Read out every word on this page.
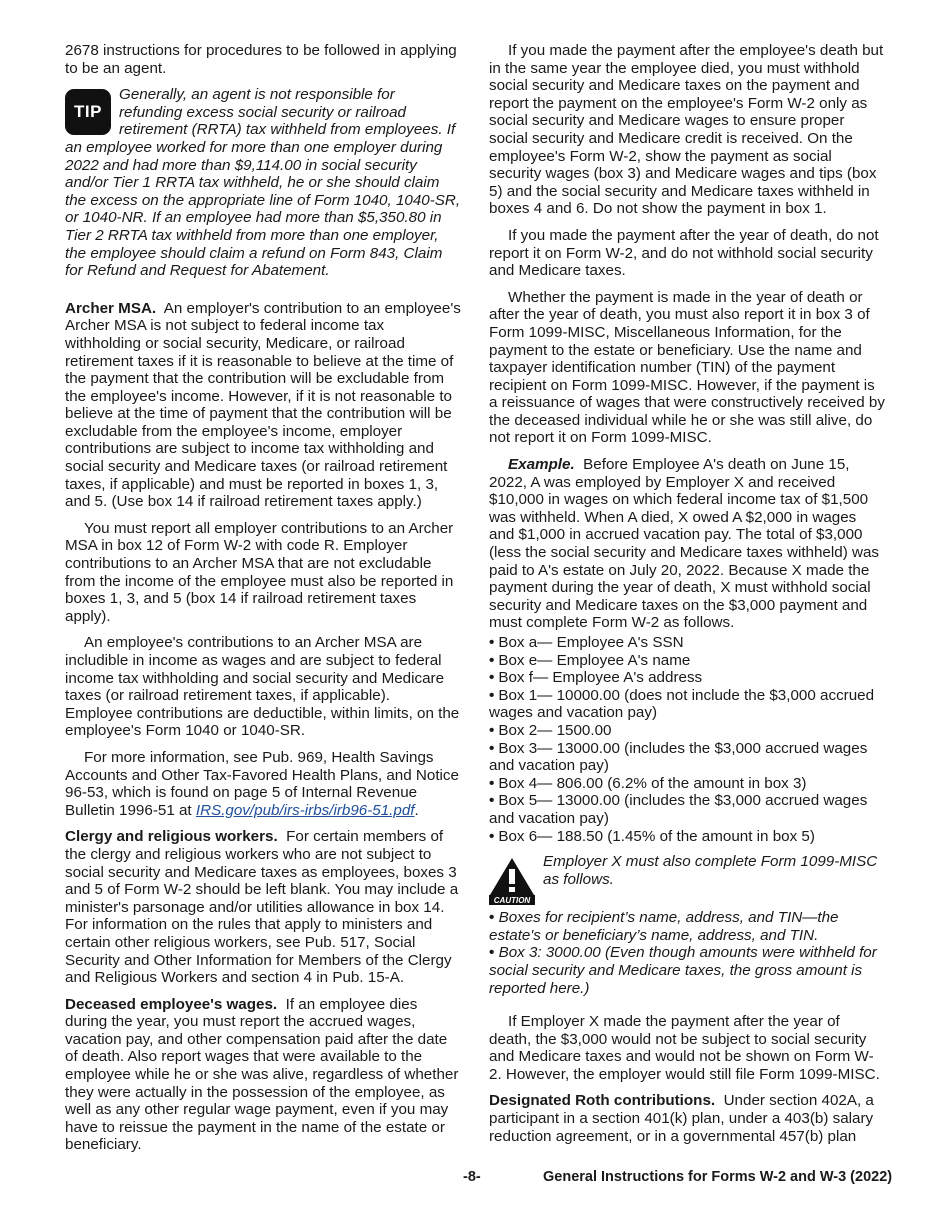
2678 instructions for procedures to be followed in applying to be an agent.

TIP
Generally, an agent is not responsible for refunding excess social security or railroad retirement (RRTA) tax withheld from employees. If an employee worked for more than one employer during 2022 and had more than $9,114.00 in social security and/or Tier 1 RRTA tax withheld, he or she should claim the excess on the appropriate line of Form 1040, 1040-SR, or 1040-NR. If an employee had more than $5,350.80 in Tier 2 RRTA tax withheld from more than one employer, the employee should claim a refund on Form 843, Claim for Refund and Request for Abatement.

Archer MSA. An employer's contribution to an employee's Archer MSA is not subject to federal income tax withholding or social security, Medicare, or railroad retirement taxes if it is reasonable to believe at the time of the payment that the contribution will be excludable from the employee's income. However, if it is not reasonable to believe at the time of payment that the contribution will be excludable from the employee's income, employer contributions are subject to income tax withholding and social security and Medicare taxes (or railroad retirement taxes, if applicable) and must be reported in boxes 1, 3, and 5. (Use box 14 if railroad retirement taxes apply.)

You must report all employer contributions to an Archer MSA in box 12 of Form W-2 with code R. Employer contributions to an Archer MSA that are not excludable from the income of the employee must also be reported in boxes 1, 3, and 5 (box 14 if railroad retirement taxes apply).

An employee's contributions to an Archer MSA are includible in income as wages and are subject to federal income tax withholding and social security and Medicare taxes (or railroad retirement taxes, if applicable). Employee contributions are deductible, within limits, on the employee's Form 1040 or 1040-SR.

For more information, see Pub. 969, Health Savings Accounts and Other Tax-Favored Health Plans, and Notice 96-53, which is found on page 5 of Internal Revenue Bulletin 1996-51 at IRS.gov/pub/irs-irbs/irb96-51.pdf.

Clergy and religious workers. For certain members of the clergy and religious workers who are not subject to social security and Medicare taxes as employees, boxes 3 and 5 of Form W-2 should be left blank. You may include a minister's parsonage and/or utilities allowance in box 14. For information on the rules that apply to ministers and certain other religious workers, see Pub. 517, Social Security and Other Information for Members of the Clergy and Religious Workers and section 4 in Pub. 15-A.

Deceased employee's wages. If an employee dies during the year, you must report the accrued wages, vacation pay, and other compensation paid after the date of death. Also report wages that were available to the employee while he or she was alive, regardless of whether they were actually in the possession of the employee, as well as any other regular wage payment, even if you may have to reissue the payment in the name of the estate or beneficiary.

If you made the payment after the employee's death but in the same year the employee died, you must withhold social security and Medicare taxes on the payment and report the payment on the employee's Form W-2 only as social security and Medicare wages to ensure proper social security and Medicare credit is received. On the employee's Form W-2, show the payment as social security wages (box 3) and Medicare wages and tips (box 5) and the social security and Medicare taxes withheld in boxes 4 and 6. Do not show the payment in box 1.

If you made the payment after the year of death, do not report it on Form W-2, and do not withhold social security and Medicare taxes.

Whether the payment is made in the year of death or after the year of death, you must also report it in box 3 of Form 1099-MISC, Miscellaneous Information, for the payment to the estate or beneficiary. Use the name and taxpayer identification number (TIN) of the payment recipient on Form 1099-MISC. However, if the payment is a reissuance of wages that were constructively received by the deceased individual while he or she was still alive, do not report it on Form 1099-MISC.

Example. Before Employee A's death on June 15, 2022, A was employed by Employer X and received $10,000 in wages on which federal income tax of $1,500 was withheld. When A died, X owed A $2,000 in wages and $1,000 in accrued vacation pay. The total of $3,000 (less the social security and Medicare taxes withheld) was paid to A's estate on July 20, 2022. Because X made the payment during the year of death, X must withhold social security and Medicare taxes on the $3,000 payment and must complete Form W-2 as follows.

• Box a— Employee A's SSN

• Box e— Employee A's name

• Box f— Employee A's address

• Box 1— 10000.00 (does not include the $3,000 accrued wages and vacation pay)

• Box 2— 1500.00

• Box 3— 13000.00 (includes the $3,000 accrued wages and vacation pay)

• Box 4— 806.00 (6.2% of the amount in box 3)

• Box 5— 13000.00 (includes the $3,000 accrued wages and vacation pay)

• Box 6— 188.50 (1.45% of the amount in box 5)

CAUTION
Employer X must also complete Form 1099-MISC as follows.

• Boxes for recipient’s name, address, and TIN—the estate's or beneficiary’s name, address, and TIN.

• Box 3: 3000.00 (Even though amounts were withheld for social security and Medicare taxes, the gross amount is reported here.)

If Employer X made the payment after the year of death, the $3,000 would not be subject to social security and Medicare taxes and would not be shown on Form W-2. However, the employer would still file Form 1099-MISC.

Designated Roth contributions. Under section 402A, a participant in a section 401(k) plan, under a 403(b) salary reduction agreement, or in a governmental 457(b) plan

-8-	General Instructions for Forms W-2 and W-3 (2022)
